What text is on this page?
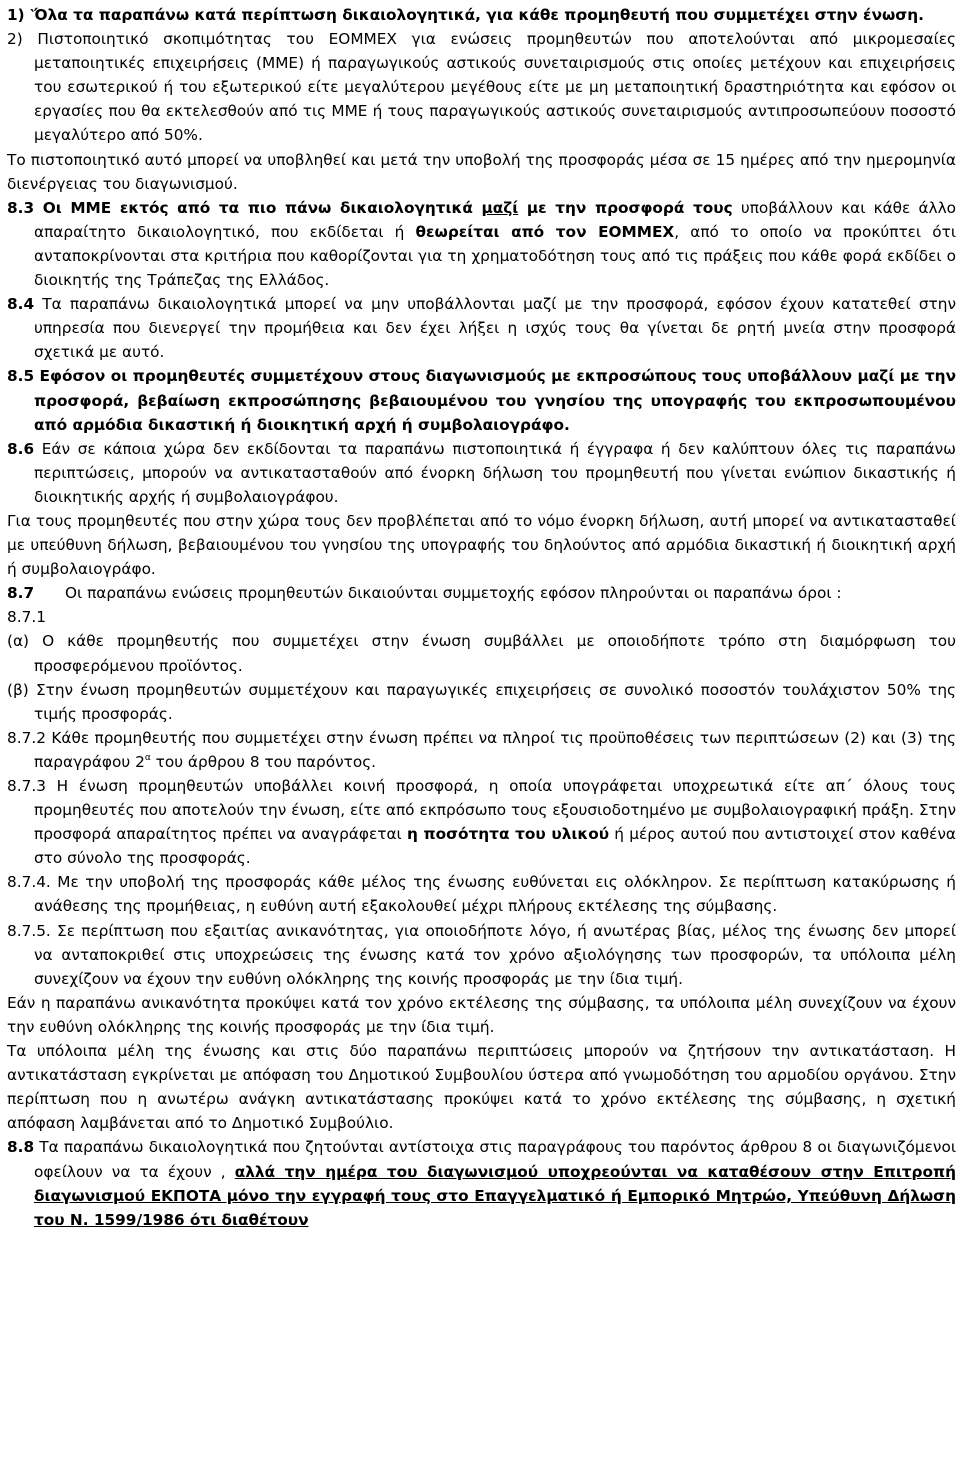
1) ‵Όλα τα παραπάνω κατά περίπτωση δικαιολογητικά, για κάθε προμηθευτή που συμμετέχει στην ένωση.

2) Πιστοποιητικό σκοπιμότητας του ΕΟΜΜΕΧ για ενώσεις προμηθευτών που αποτελούνται από μικρομεσαίες μεταποιητικές επιχειρήσεις (ΜΜΕ) ή παραγωγικούς αστικούς συνεταιρισμούς στις οποίες μετέχουν και επιχειρήσεις του εσωτερικού ή του εξωτερικού είτε μεγαλύτερου μεγέθους είτε με μη μεταποιητική δραστηριότητα και εφόσον οι εργασίες που θα εκτελεσθούν από τις ΜΜΕ ή τους παραγωγικούς αστικούς συνεταιρισμούς αντιπροσωπεύουν ποσοστό μεγαλύτερο από 50%.

Το πιστοποιητικό αυτό μπορεί να υποβληθεί και μετά την υποβολή της προσφοράς μέσα σε 15 ημέρες από την ημερομηνία διενέργειας του διαγωνισμού.

8.3 Οι ΜΜΕ εκτός από τα πιο πάνω δικαιολογητικά μαζί με την προσφορά τους υποβάλλουν και κάθε άλλο απαραίτητο δικαιολογητικό, που εκδίδεται ή θεωρείται από τον ΕΟΜΜΕΧ, από το οποίο να προκύπτει ότι ανταποκρίνονται στα κριτήρια που καθορίζονται για τη χρηματοδότηση τους από τις πράξεις που κάθε φορά εκδίδει ο διοικητής της Τράπεζας της Ελλάδος.

8.4 Τα παραπάνω δικαιολογητικά μπορεί να μην υποβάλλονται μαζί με την προσφορά, εφόσον έχουν κατατεθεί στην υπηρεσία που διενεργεί την προμήθεια και δεν έχει λήξει η ισχύς τους θα γίνεται δε ρητή μνεία στην προσφορά σχετικά με αυτό.

8.5 Εφόσον οι προμηθευτές συμμετέχουν στους διαγωνισμούς με εκπροσώπους τους υποβάλλουν μαζί με την προσφορά, βεβαίωση εκπροσώπησης βεβαιουμένου του γνησίου της υπογραφής του εκπροσωπουμένου από αρμόδια δικαστική ή διοικητική αρχή ή συμβολαιογράφο.

8.6 Εάν σε κάποια χώρα δεν εκδίδονται τα παραπάνω πιστοποιητικά ή έγγραφα ή δεν καλύπτουν όλες τις παραπάνω περιπτώσεις, μπορούν να αντικατασταθούν από ένορκη δήλωση του προμηθευτή που γίνεται ενώπιον δικαστικής ή διοικητικής αρχής ή συμβολαιογράφου.

Για τους προμηθευτές που στην χώρα τους δεν προβλέπεται από το νόμο ένορκη δήλωση, αυτή μπορεί να αντικατασταθεί με υπεύθυνη δήλωση, βεβαιουμένου του γνησίου της υπογραφής του δηλούντος από αρμόδια δικαστική ή διοικητική αρχή ή συμβολαιογράφο.

8.7 Οι παραπάνω ενώσεις προμηθευτών δικαιούνται συμμετοχής εφόσον πληρούνται οι παραπάνω όροι :

8.7.1

(α) Ο κάθε προμηθευτής που συμμετέχει στην ένωση συμβάλλει με οποιοδήποτε τρόπο στη διαμόρφωση του προσφερόμενου προϊόντος.

(β) Στην ένωση προμηθευτών συμμετέχουν και παραγωγικές επιχειρήσεις σε συνολικό ποσοστόν τουλάχιστον 50% της τιμής προσφοράς.

8.7.2 Κάθε προμηθευτής που συμμετέχει στην ένωση πρέπει να πληροί τις προϋποθέσεις των περιπτώσεων (2) και (3) της παραγράφου $2^\alpha$ του άρθρου 8 του παρόντος.

8.7.3 Η ένωση προμηθευτών υποβάλλει κοινή προσφορά, η οποία υπογράφεται υποχρεωτικά είτε απ΄ όλους τους προμηθευτές που αποτελούν την ένωση, είτε από εκπρόσωπο τους εξουσιοδοτημένο με συμβολαιογραφική πράξη. Στην προσφορά απαραίτητος πρέπει να αναγράφεται η ποσότητα του υλικού ή μέρος αυτού που αντιστοιχεί στον καθένα στο σύνολο της προσφοράς.

8.7.4. Με την υποβολή της προσφοράς κάθε μέλος της ένωσης ευθύνεται εις ολόκληρον. Σε περίπτωση κατακύρωσης ή ανάθεσης της προμήθειας, η ευθύνη αυτή εξακολουθεί μέχρι πλήρους εκτέλεσης της σύμβασης.

8.7.5. Σε περίπτωση που εξαιτίας ανικανότητας, για οποιοδήποτε λόγο, ή ανωτέρας βίας, μέλος της ένωσης δεν μπορεί να ανταποκριθεί στις υποχρεώσεις της ένωσης κατά τον χρόνο αξιολόγησης των προσφορών, τα υπόλοιπα μέλη συνεχίζουν να έχουν την ευθύνη ολόκληρης της κοινής προσφοράς με την ίδια τιμή.

Εάν η παραπάνω ανικανότητα προκύψει κατά τον χρόνο εκτέλεσης της σύμβασης, τα υπόλοιπα μέλη συνεχίζουν να έχουν την ευθύνη ολόκληρης της κοινής προσφοράς με την ίδια τιμή.

Τα υπόλοιπα μέλη της ένωσης και στις δύο παραπάνω περιπτώσεις μπορούν να ζητήσουν την αντικατάσταση. Η αντικατάσταση εγκρίνεται με απόφαση του Δημοτικού Συμβουλίου ύστερα από γνωμοδότηση του αρμοδίου οργάνου. Στην περίπτωση που η ανωτέρω ανάγκη αντικατάστασης προκύψει κατά το χρόνο εκτέλεσης της σύμβασης, η σχετική απόφαση λαμβάνεται από το Δημοτικό Συμβούλιο.

8.8 Τα παραπάνω δικαιολογητικά που ζητούνται αντίστοιχα στις παραγράφους του παρόντος άρθρου 8 οι διαγωνιζόμενοι οφείλουν να τα έχουν , αλλά την ημέρα του διαγωνισμού υποχρεούνται να καταθέσουν στην Επιτροπή διαγωνισμού ΕΚΠΟΤΑ μόνο την εγγραφή τους στο Επαγγελματικό ή Εμπορικό Μητρώο, Υπεύθυνη Δήλωση του Ν. 1599/1986 ότι διαθέτουν
